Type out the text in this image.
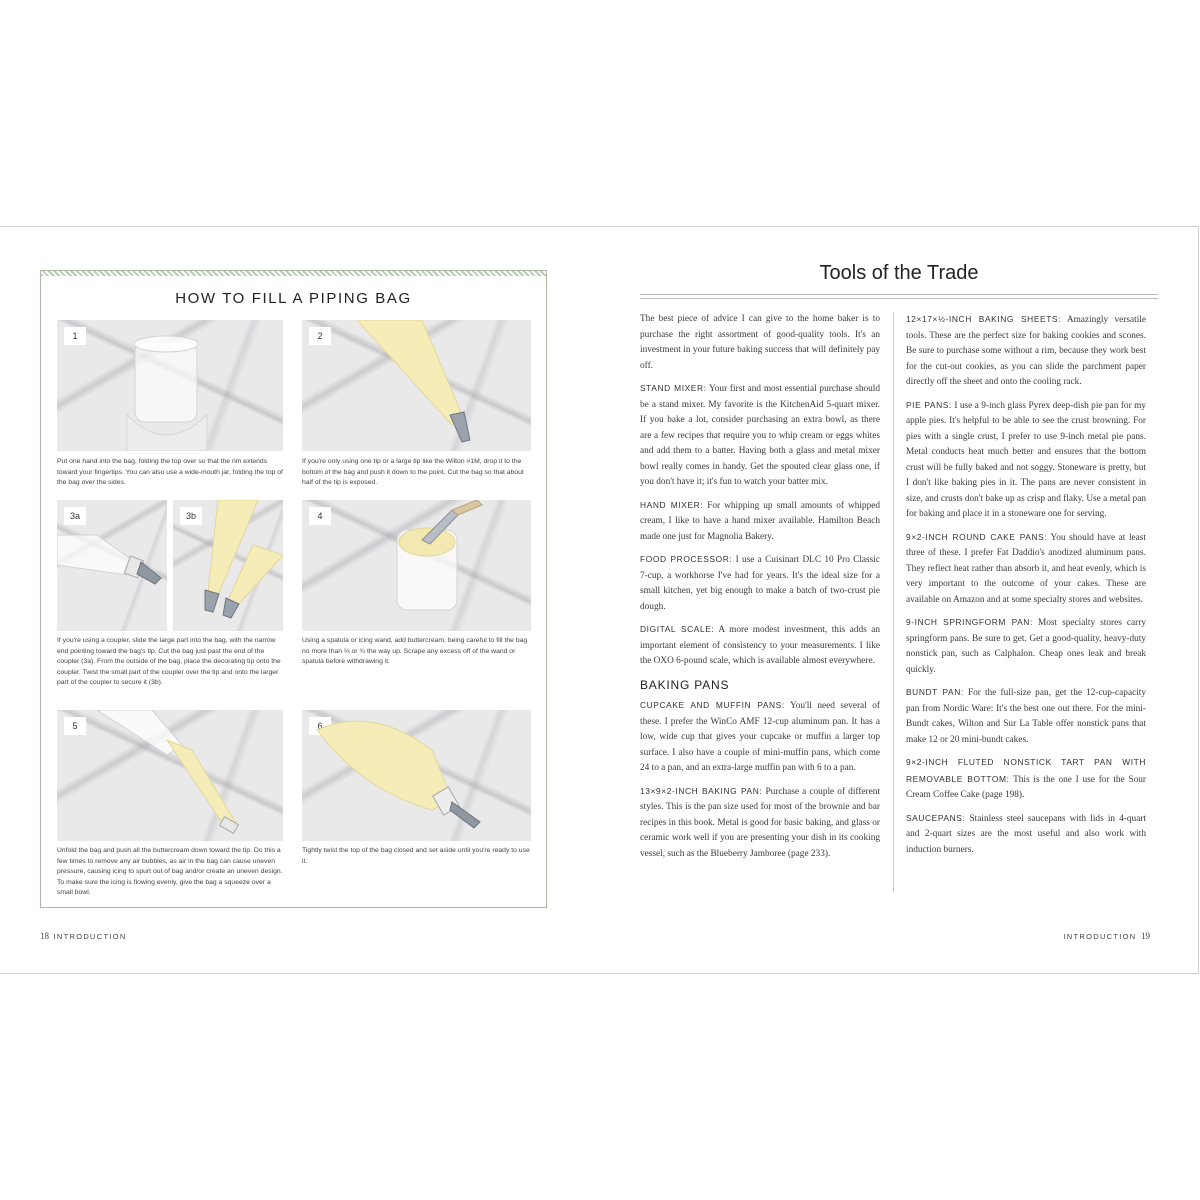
HOW TO FILL A PIPING BAG
1
Put one hand into the bag, folding the top over so that the rim extends toward your fingertips. You can also use a wide-mouth jar, folding the top of the bag over the sides.
2
If you're only using one tip or a large tip like the Wilton #1M, drop it to the bottom of the bag and push it down to the point. Cut the bag so that about half of the tip is exposed.
3a	3b
If you're using a coupler, slide the large part into the bag, with the narrow end pointing toward the bag's tip. Cut the bag just past the end of the coupler (3a). From the outside of the bag, place the decorating tip onto the coupler. Twist the small part of the coupler over the tip and onto the larger part of the coupler to secure it (3b).
4
Using a spatula or icing wand, add buttercream, being careful to fill the bag no more than ⅔ or ¾ the way up. Scrape any excess off of the wand or spatula before withdrawing it.
5
Unfold the bag and push all the buttercream down toward the tip. Do this a few times to remove any air bubbles, as air in the bag can cause uneven pressure, causing icing to spurt out of bag and/or create an uneven design. To make sure the icing is flowing evenly, give the bag a squeeze over a small bowl.
6
Tightly twist the top of the bag closed and set aside until you're ready to use it.
18 INTRODUCTION
Tools of the Trade

The best piece of advice I can give to the home baker is to purchase the right assortment of good-quality tools. It's an investment in your future baking success that will definitely pay off.

STAND MIXER: Your first and most essential purchase should be a stand mixer. My favorite is the KitchenAid 5-quart mixer. If you bake a lot, consider purchasing an extra bowl, as there are a few recipes that require you to whip cream or eggs whites and add them to a batter. Having both a glass and metal mixer bowl really comes in handy. Get the spouted clear glass one, if you don't have it; it's fun to watch your batter mix.

HAND MIXER: For whipping up small amounts of whipped cream, I like to have a hand mixer available. Hamilton Beach made one just for Magnolia Bakery.

FOOD PROCESSOR: I use a Cuisinart DLC 10 Pro Classic 7-cup, a workhorse I've had for years. It's the ideal size for a small kitchen, yet big enough to make a batch of two-crust pie dough.

DIGITAL SCALE: A more modest investment, this adds an important element of consistency to your measurements. I like the OXO 6-pound scale, which is available almost everywhere.

BAKING PANS

CUPCAKE AND MUFFIN PANS: You'll need several of these. I prefer the WinCo AMF 12-cup aluminum pan. It has a low, wide cup that gives your cupcake or muffin a larger top surface. I also have a couple of mini-muffin pans, which come 24 to a pan, and an extra-large muffin pan with 6 to a pan.

13×9×2-INCH BAKING PAN: Purchase a couple of different styles. This is the pan size used for most of the brownie and bar recipes in this book. Metal is good for basic baking, and glass or ceramic work well if you are presenting your dish in its cooking vessel, such as the Blueberry Jamboree (page 233).

12×17×½-INCH BAKING SHEETS: Amazingly versatile tools. These are the perfect size for baking cookies and scones. Be sure to purchase some without a rim, because they work best for the cut-out cookies, as you can slide the parchment paper directly off the sheet and onto the cooling rack.

PIE PANS: I use a 9-inch glass Pyrex deep-dish pie pan for my apple pies. It's helpful to be able to see the crust browning. For pies with a single crust, I prefer to use 9-inch metal pie pans. Metal conducts heat much better and ensures that the bottom crust will be fully baked and not soggy. Stoneware is pretty, but I don't like baking pies in it. The pans are never consistent in size, and crusts don't bake up as crisp and flaky. Use a metal pan for baking and place it in a stoneware one for serving.

9×2-INCH ROUND CAKE PANS: You should have at least three of these. I prefer Fat Daddio's anodized aluminum pans. They reflect heat rather than absorb it, and heat evenly, which is very important to the outcome of your cakes. These are available on Amazon and at some specialty stores and websites.

9-INCH SPRINGFORM PAN: Most specialty stores carry springform pans. Be sure to get. Get a good-quality, heavy-duty nonstick pan, such as Calphalon. Cheap ones leak and break quickly.

BUNDT PAN: For the full-size pan, get the 12-cup-capacity pan from Nordic Ware: It's the best one out there. For the mini-Bundt cakes, Wilton and Sur La Table offer nonstick pans that make 12 or 20 mini-bundt cakes.

9×2-INCH FLUTED NONSTICK TART PAN WITH REMOVABLE BOTTOM: This is the one I use for the Sour Cream Coffee Cake (page 198).

SAUCEPANS: Stainless steel saucepans with lids in 4-quart and 2-quart sizes are the most useful and also work with induction burners.

INTRODUCTION 19
